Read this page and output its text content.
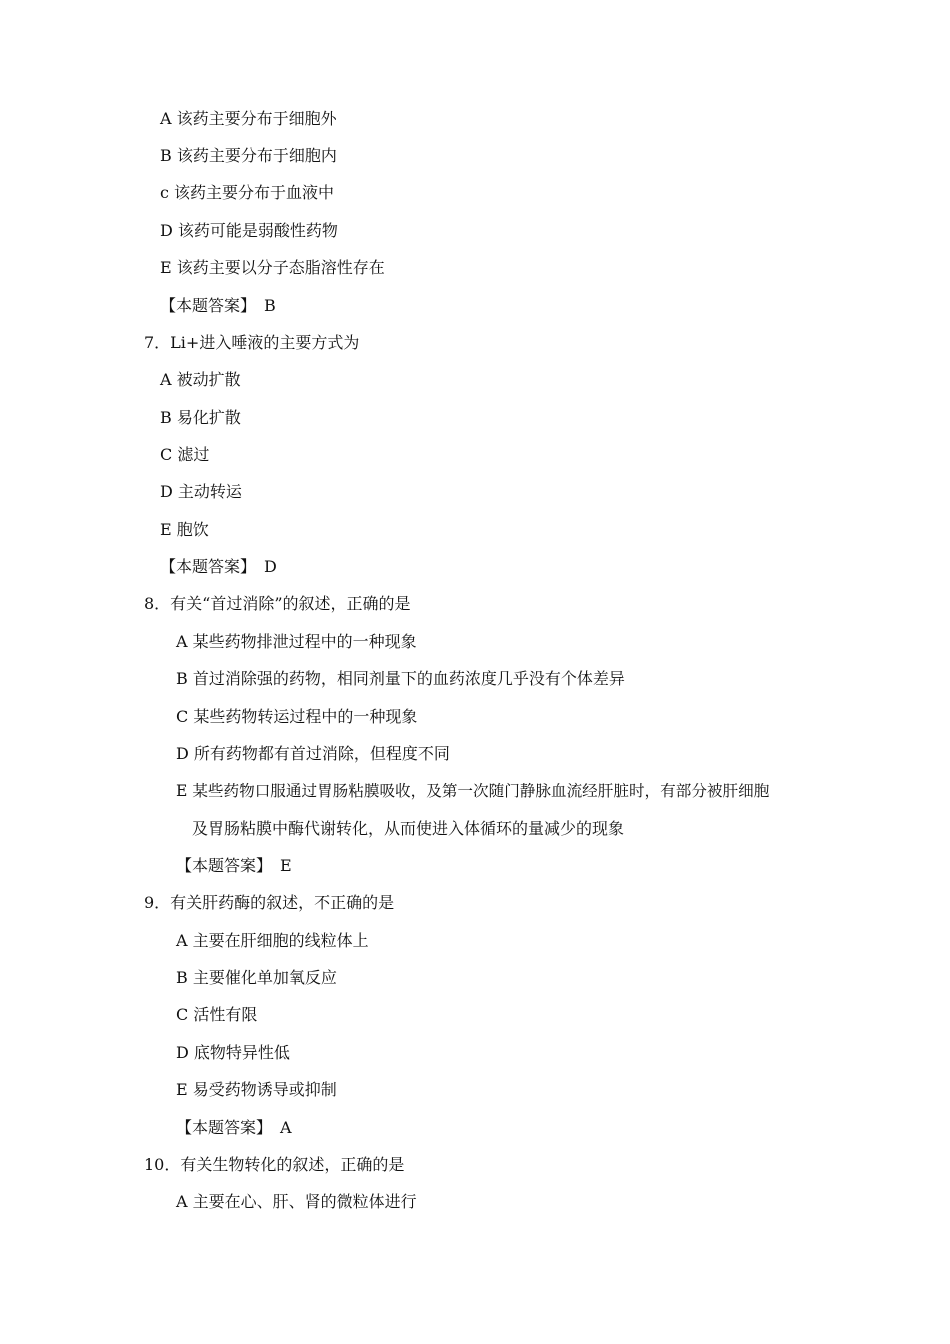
A 该药主要分布于细胞外
B 该药主要分布于细胞内
c 该药主要分布于血液中
D 该药可能是弱酸性药物
E 该药主要以分子态脂溶性存在
【本题答案】　B
7．Li+进入唾液的主要方式为
A 被动扩散
B 易化扩散
C 滤过
D 主动转运
E 胞饮
【本题答案】　D
8．有关“首过消除”的叙述，正确的是
A 某些药物排泄过程中的一种现象
B 首过消除强的药物，相同剂量下的血药浓度几乎没有个体差异
C 某些药物转运过程中的一种现象
D 所有药物都有首过消除，但程度不同
E 某些药物口服通过胃肠粘膜吸收，及第一次随门静脉血流经肝脏时，有部分被肝细胞
及胃肠粘膜中酶代谢转化，从而使进入体循环的量减少的现象
【本题答案】　E
9．有关肝药酶的叙述，不正确的是
A 主要在肝细胞的线粒体上
B 主要催化单加氧反应
C 活性有限
D 底物特异性低
E 易受药物诱导或抑制
【本题答案】　A
10．有关生物转化的叙述，正确的是
A 主要在心、肝、肾的微粒体进行
